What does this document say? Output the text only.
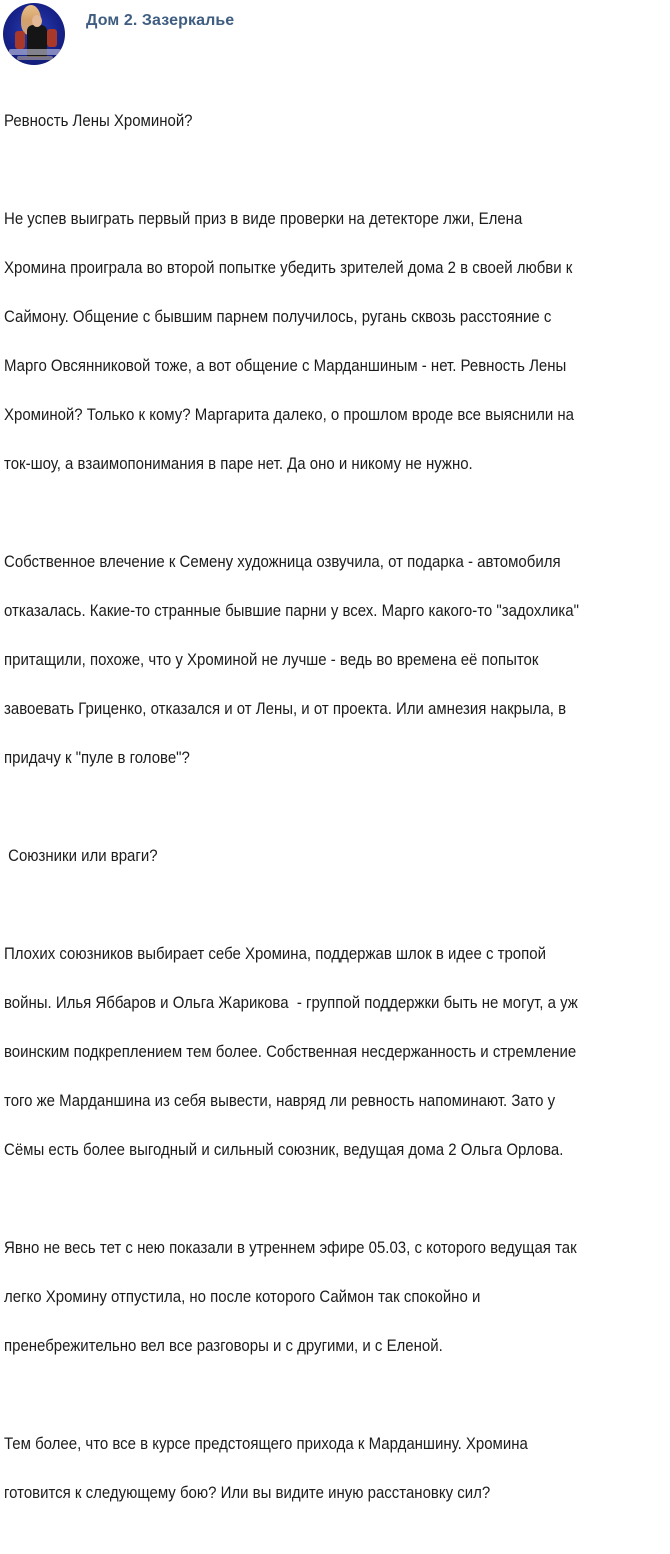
Дом 2. Зазеркалье

Ревность Лены Хроминой?

Не успев выиграть первый приз в виде проверки на детекторе лжи, Елена

Хромина проиграла во второй попытке убедить зрителей дома 2 в своей любви к

Саймону. Общение с бывшим парнем получилось, ругань сквозь расстояние с

Марго Овсянниковой тоже, а вот общение с Марданшиным - нет. Ревность Лены

Хроминой? Только к кому? Маргарита далеко, о прошлом вроде все выяснили на

ток-шоу, а взаимопонимания в паре нет. Да оно и никому не нужно.

Собственное влечение к Семену художница озвучила, от подарка - автомобиля

отказалась. Какие-то странные бывшие парни у всех. Марго какого-то "задохлика"

притащили, похоже, что у Хроминой не лучше - ведь во времена её попыток

завоевать Гриценко, отказался и от Лены, и от проекта. Или амнезия накрыла, в

придачу к "пуле в голове"?

Союзники или враги?

Плохих союзников выбирает себе Хромина, поддержав шлок в идее с тропой

войны. Илья Яббаров и Ольга Жарикова  - группой поддержки быть не могут, а уж

воинским подкреплением тем более. Собственная несдержанность и стремление

того же Марданшина из себя вывести, навряд ли ревность напоминают. Зато у

Сёмы есть более выгодный и сильный союзник, ведущая дома 2 Ольга Орлова.

Явно не весь тет с нею показали в утреннем эфире 05.03, с которого ведущая так

легко Хромину отпустила, но после которого Саймон так спокойно и

пренебрежительно вел все разговоры и с другими, и с Еленой.

Тем более, что все в курсе предстоящего прихода к Марданшину. Хромина

готовится к следующему бою? Или вы видите иную расстановку сил?
